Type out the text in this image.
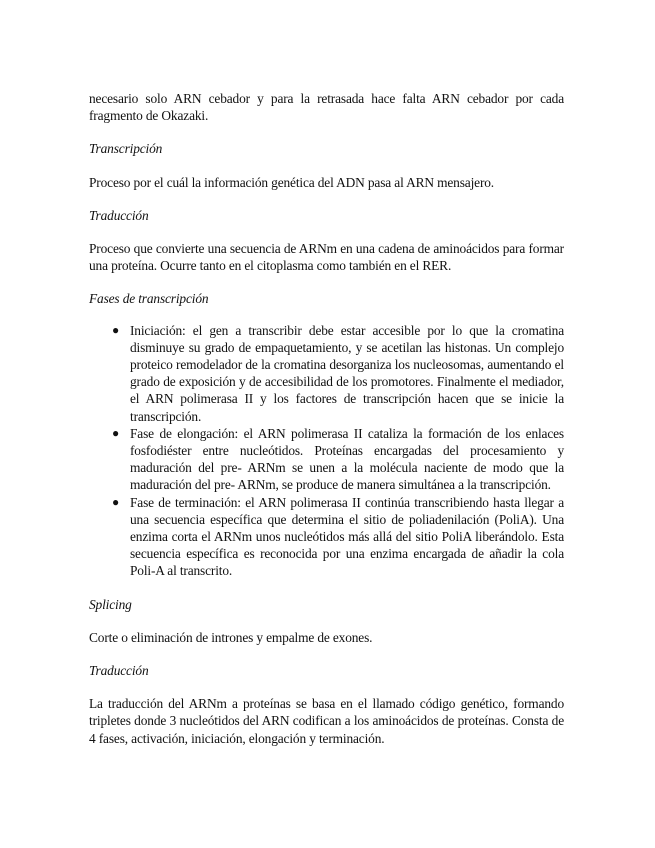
necesario solo ARN cebador y para la retrasada hace falta ARN cebador por cada fragmento de Okazaki.

Transcripción

Proceso por el cuál la información genética del ADN pasa al ARN mensajero.

Traducción

Proceso que convierte una secuencia de ARNm en una cadena de aminoácidos para formar una proteína. Ocurre tanto en el citoplasma como también en el RER.

Fases de transcripción
● Iniciación: el gen a transcribir debe estar accesible por lo que la cromatina disminuye su grado de empaquetamiento, y se acetilan las histonas. Un complejo proteico remodelador de la cromatina desorganiza los nucleosomas, aumentando el grado de exposición y de accesibilidad de los promotores. Finalmente el mediador, el ARN polimerasa II y los factores de transcripción hacen que se inicie la transcripción.
● Fase de elongación: el ARN polimerasa II cataliza la formación de los enlaces fosfodiéster entre nucleótidos. Proteínas encargadas del procesamiento y maduración del pre- ARNm se unen a la molécula naciente de modo que la maduración del pre- ARNm, se produce de manera simultánea a la transcripción.
● Fase de terminación: el ARN polimerasa II continúa transcribiendo hasta llegar a una secuencia específica que determina el sitio de poliadenilación (PoliA). Una enzima corta el ARNm unos nucleótidos más allá del sitio PoliA liberándolo. Esta secuencia específica es reconocida por una enzima encargada de añadir la cola Poli-A al transcrito.
Splicing

Corte o eliminación de intrones y empalme de exones.

Traducción

La traducción del ARNm a proteínas se basa en el llamado código genético, formando tripletes donde 3 nucleótidos del ARN codifican a los aminoácidos de proteínas. Consta de 4 fases, activación, iniciación, elongación y terminación.
